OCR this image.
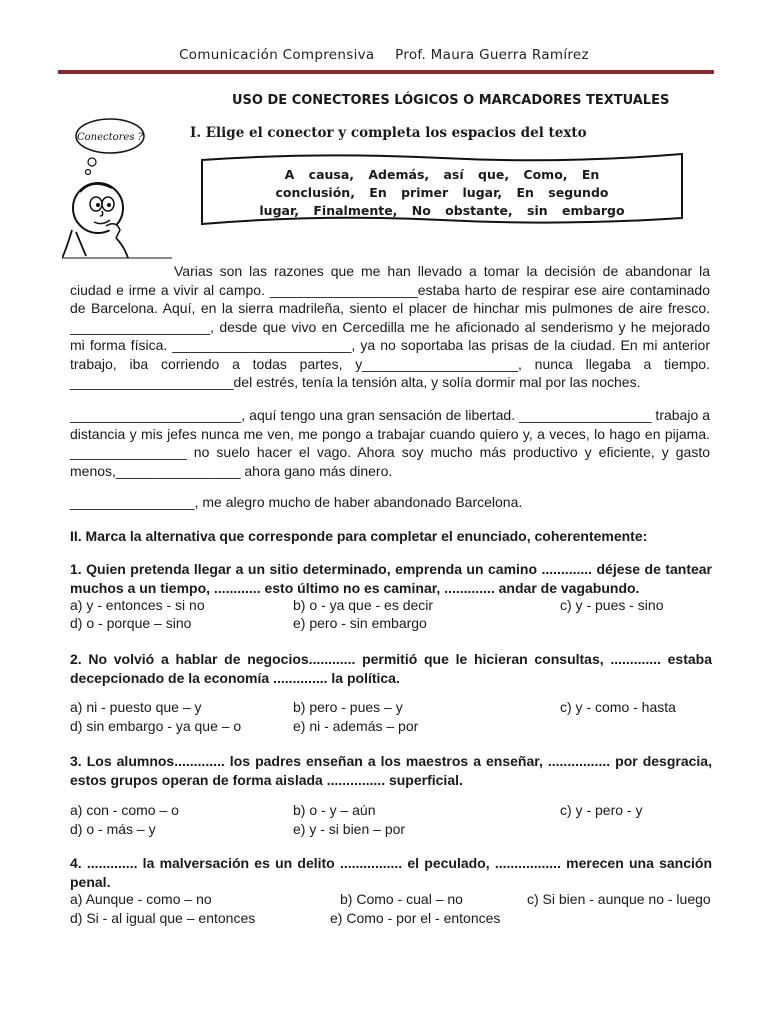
Comunicación Comprensiva Prof. Maura Guerra Ramírez
USO DE CONECTORES LÓGICOS O MARCADORES TEXTUALES
Conectores ?	I. Elige el conector y completa los espacios del texto
A causa, Además, así que, Como, En
conclusión, En primer lugar, En segundo
lugar, Finalmente, No obstante, sin embargo

Varias son las razones que me han llevado a tomar la decisión de abandonar la ciudad e irme a vivir al campo. ___________________estaba harto de respirar ese aire contaminado de Barcelona. Aquí, en la sierra madrileña, siento el placer de hinchar mis pulmones de aire fresco. __________________, desde que vivo en Cercedilla me he aficionado al senderismo y he mejorado mi forma física. _______________________, ya no soportaba las prisas de la ciudad. En mi anterior trabajo, iba corriendo a todas partes, y____________________, nunca llegaba a tiempo. _____________________del estrés, tenía la tensión alta, y solía dormir mal por las noches.

______________________, aquí tengo una gran sensación de libertad. _________________ trabajo a distancia y mis jefes nunca me ven, me pongo a trabajar cuando quiero y, a veces, lo hago en pijama. _______________ no suelo hacer el vago. Ahora soy mucho más productivo y eficiente, y gasto menos,________________ ahora gano más dinero.

________________, me alegro mucho de haber abandonado Barcelona.

II. Marca la alternativa que corresponde para completar el enunciado, coherentemente:
1. Quien pretenda llegar a un sitio determinado, emprenda un camino ............. déjese de tantear muchos a un tiempo, ............ esto último no es caminar, ............. andar de vagabundo.
a) y - entonces - si no	b) o - ya que - es decir	c) y - pues - sino
d) o - porque – sino	e) pero - sin embargo
2. No volvió a hablar de negocios............ permitió que le hicieran consultas, ............. estaba decepcionado de la economía .............. la política.
a) ni - puesto que – y	b) pero - pues – y	c) y - como - hasta
d) sin embargo - ya que – o	e) ni - además – por
3. Los alumnos............. los padres enseñan a los maestros a enseñar, ................ por desgracia, estos grupos operan de forma aislada ............... superficial.
a) con - como – o	b) o - y – aún	c) y - pero - y
d) o - más – y	e) y - si bien – por
4. ............. la malversación es un delito ................ el peculado, ................. merecen una sanción penal.
a) Aunque - como – no	b) Como - cual – no	c) Si bien - aunque no - luego
d) Si - al igual que – entonces	e) Como - por el - entonces
